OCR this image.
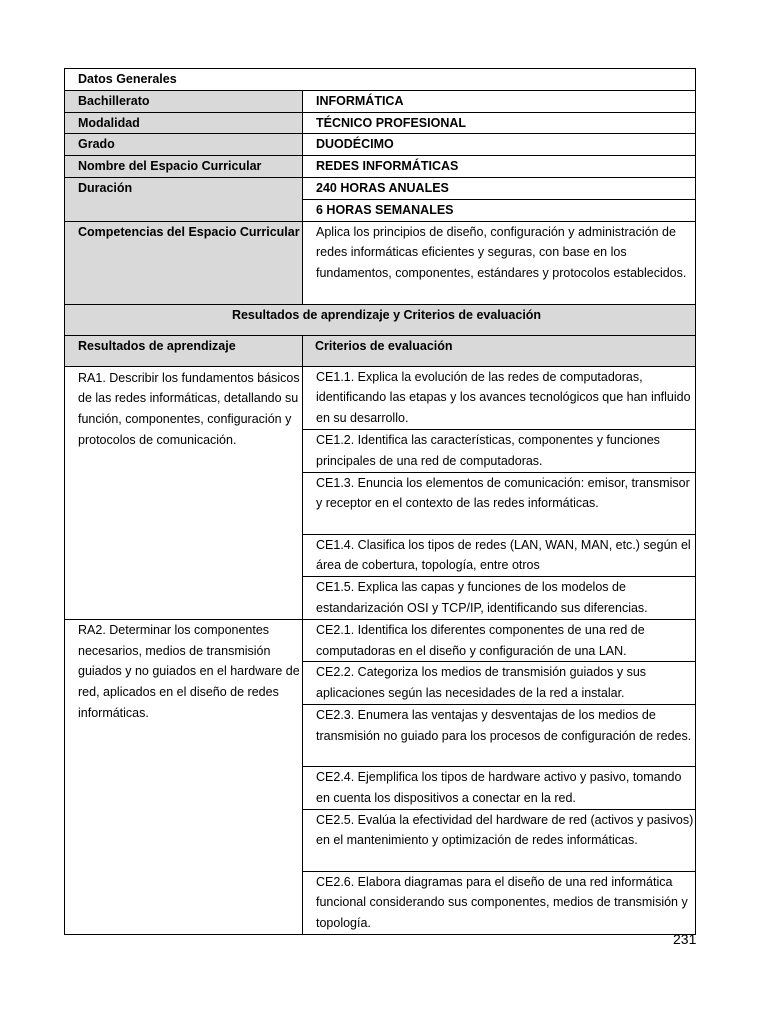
Datos Generales	
Bachillerato	INFORMÁTICA
Modalidad	TÉCNICO PROFESIONAL
Grado	DUODÉCIMO
Nombre del Espacio Curricular	REDES INFORMÁTICAS
Duración	240 HORAS ANUALES
	6 HORAS SEMANALES
Competencias del Espacio Curricular	Aplica los principios de diseño, configuración y administración de redes informáticas eficientes y seguras, con base en los fundamentos, componentes, estándares y protocolos establecidos.
Resultados de aprendizaje y Criterios de evaluación	
Resultados de aprendizaje	Criterios de evaluación
RA1. Describir los fundamentos básicos de las redes informáticas, detallando su función, componentes, configuración y protocolos de comunicación.	CE1.1. Explica la evolución de las redes de computadoras, identificando las etapas y los avances tecnológicos que han influido en su desarrollo.
	CE1.2. Identifica las características, componentes y funciones principales de una red de computadoras.
	CE1.3. Enuncia los elementos de comunicación: emisor, transmisor y receptor en el contexto de las redes informáticas.
	CE1.4. Clasifica los tipos de redes (LAN, WAN, MAN, etc.) según el área de cobertura, topología, entre otros
	CE1.5. Explica las capas y funciones de los modelos de estandarización OSI y TCP/IP, identificando sus diferencias.
RA2. Determinar los componentes necesarios, medios de transmisión guiados y no guiados en el hardware de red, aplicados en el diseño de redes informáticas.	CE2.1. Identifica los diferentes componentes de una red de computadoras en el diseño y configuración de una LAN.
	CE2.2. Categoriza los medios de transmisión guiados y sus aplicaciones según las necesidades de la red a instalar.
	CE2.3. Enumera las ventajas y desventajas de los medios de transmisión no guiado para los procesos de configuración de redes.
	CE2.4. Ejemplifica los tipos de hardware activo y pasivo, tomando en cuenta los dispositivos a conectar en la red.
	CE2.5. Evalúa la efectividad del hardware de red (activos y pasivos) en el mantenimiento y optimización de redes informáticas.
	CE2.6. Elabora diagramas para el diseño de una red informática funcional considerando sus componentes, medios de transmisión y topología.
231
